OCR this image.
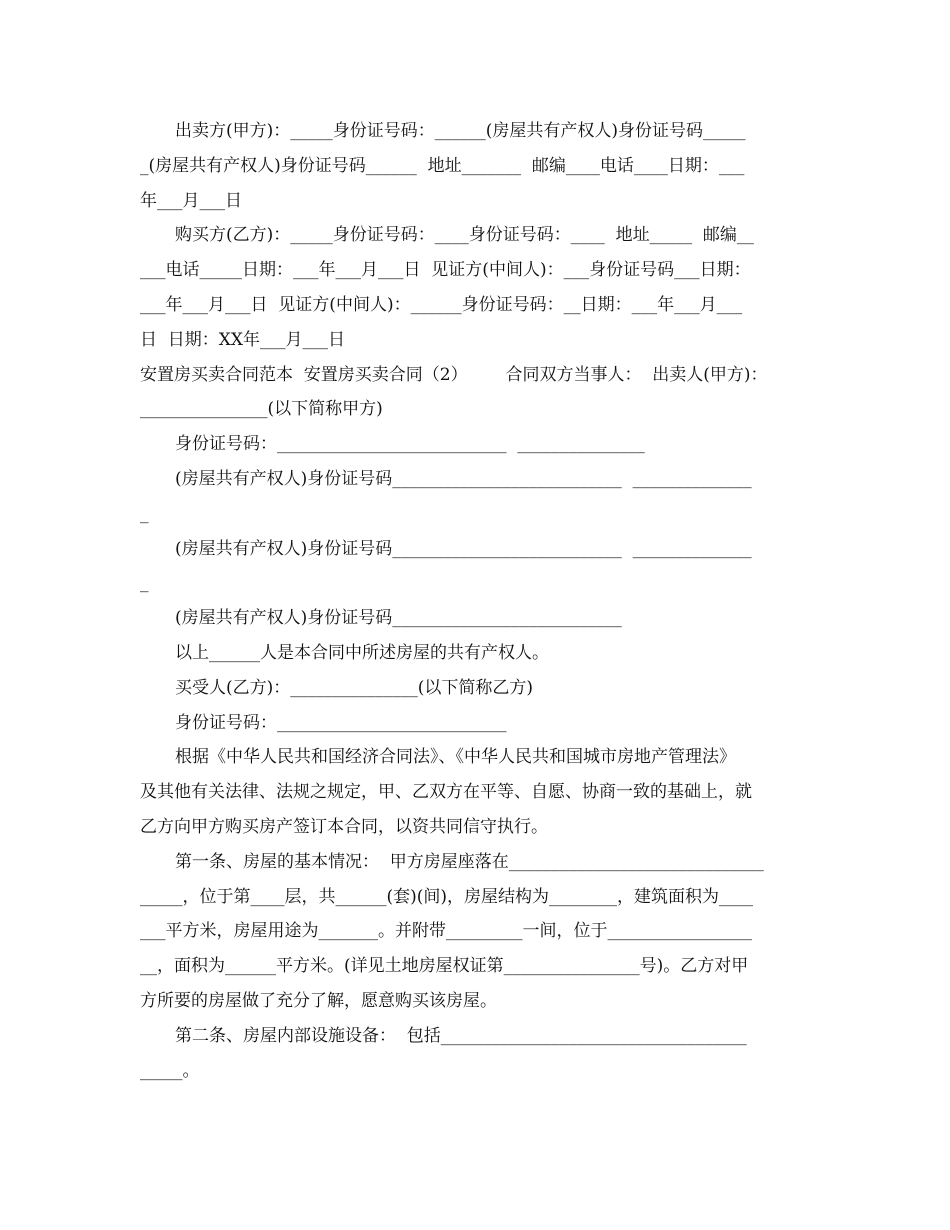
出卖方(甲方)：_____身份证号码：______(房屋共有产权人)身份证号码_____
_(房屋共有产权人)身份证号码______  地址_______  邮编____电话____日期：___
年___月___日
购买方(乙方)：_____身份证号码：____身份证号码：____  地址_____  邮编__
___电话_____日期：___年___月___日  见证方(中间人)：___身份证号码___日期：
___年___月___日  见证方(中间人)：______身份证号码：__日期：___年___月___
日  日期：XX年___月___日
安置房买卖合同范本  安置房买卖合同（2）       合同双方当事人：  出卖人(甲方)：
_______________(以下简称甲方)
身份证号码：___________________________  _______________
(房屋共有产权人)身份证号码___________________________  ______________
_
(房屋共有产权人)身份证号码___________________________  ______________
_
(房屋共有产权人)身份证号码___________________________
以上______人是本合同中所述房屋的共有产权人。
买受人(乙方)：_______________(以下简称乙方)
身份证号码：___________________________
根据《中华人民共和国经济合同法》、《中华人民共和国城市房地产管理法》
及其他有关法律、法规之规定，甲、乙双方在平等、自愿、协商一致的基础上，就
乙方向甲方购买房产签订本合同，以资共同信守执行。
第一条、房屋的基本情况：  甲方房屋座落在______________________________
_____，位于第____层，共______(套)(间)，房屋结构为________，建筑面积为____
___平方米，房屋用途为_______。并附带_________一间，位于_________________
__，面积为______平方米。(详见土地房屋权证第________________号)。乙方对甲
方所要的房屋做了充分了解，愿意购买该房屋。
第二条、房屋内部设施设备：  包括____________________________________
_____。
